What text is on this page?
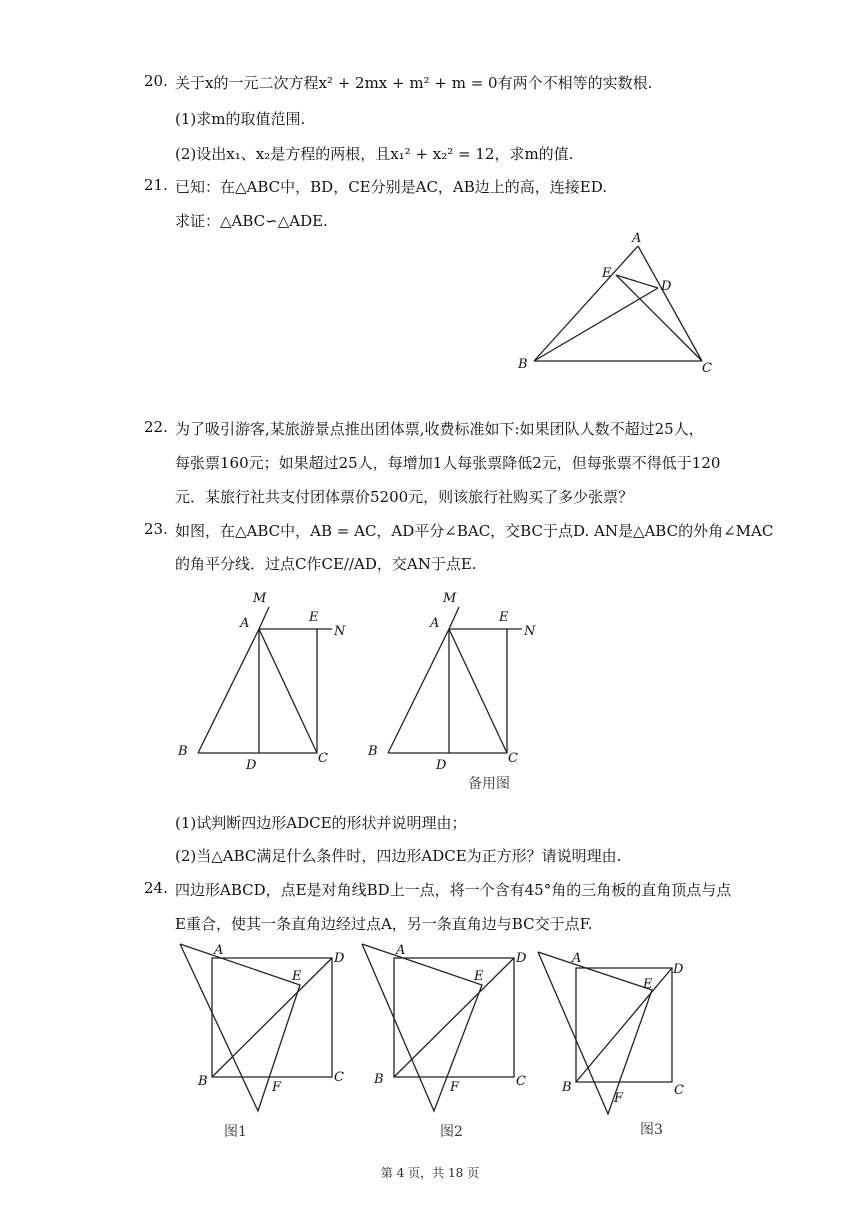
20. 关于x的一元二次方程x² + 2mx + m² + m = 0有两个不相等的实数根.
(1)求m的取值范围.
(2)设出x₁、x₂是方程的两根，且x₁² + x₂² = 12，求m的值.
21. 已知：在△ABC中，BD，CE分别是AC，AB边上的高，连接ED.
求证：△ABC∽△ADE.
A
E
D
B	C
22. 为了吸引游客,某旅游景点推出团体票,收费标准如下:如果团队人数不超过25人，
每张票160元；如果超过25人，每增加1人每张票降低2元，但每张票不得低于120
元．某旅行社共支付团体票价5200元，则该旅行社购买了多少张票？
23. 如图，在△ABC中，AB = AC，AD平分∠BAC，交BC于点D. AN是△ABC的外角∠MAC
的角平分线．过点C作CE//AD，交AN于点E.
M
A	E
N
B
D	C
M
A	E
N
B
D	C
备用图
(1)试判断四边形ADCE的形状并说明理由；
(2)当△ABC满足什么条件时，四边形ADCE为正方形？请说明理由.
24. 四边形ABCD，点E是对角线BD上一点，将一个含有45°角的三角板的直角顶点与点
E重合，使其一条直角边经过点A，另一条直角边与BC交于点F.
A
D
E
B	C
F
图1
A
D
E
B	C
F
图2
A
D
E
B	C
F
图3
第 4 页，共 18 页
